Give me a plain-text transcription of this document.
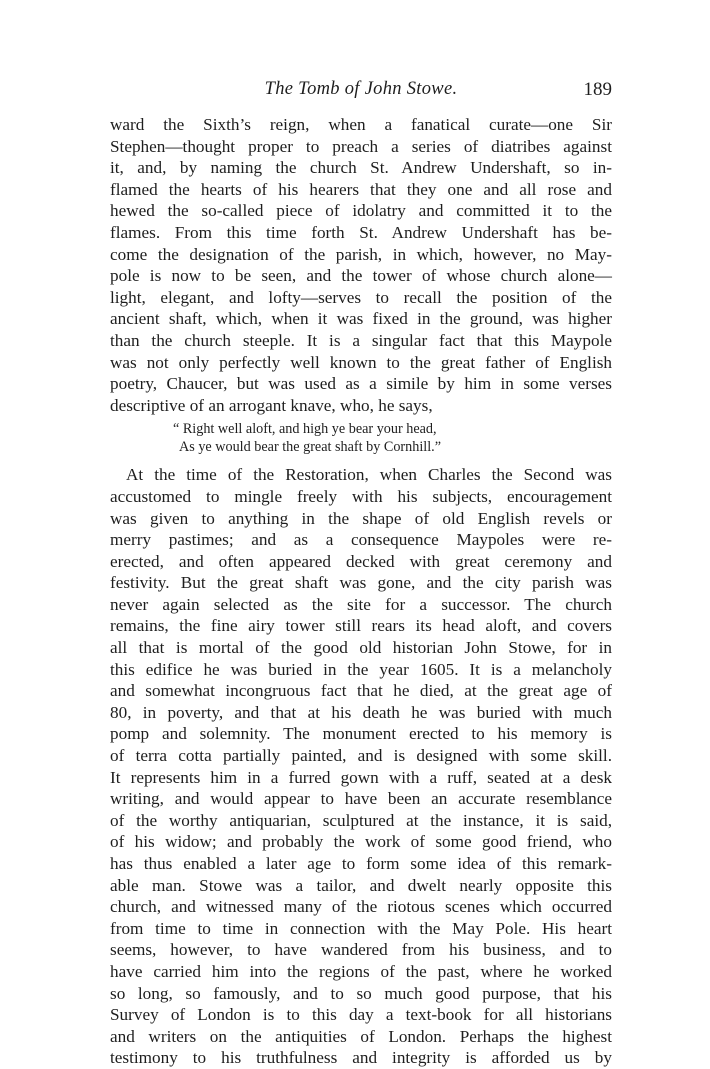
The Tomb of John Stowe.	189
ward the Sixth’s reign, when a fanatical curate—one Sir
Stephen—thought proper to preach a series of diatribes against
it, and, by naming the church St. Andrew Undershaft, so in-
flamed the hearts of his hearers that they one and all rose and
hewed the so-called piece of idolatry and committed it to the
flames. From this time forth St. Andrew Undershaft has be-
come the designation of the parish, in which, however, no May-
pole is now to be seen, and the tower of whose church alone—
light, elegant, and lofty—serves to recall the position of the
ancient shaft, which, when it was fixed in the ground, was higher
than the church steeple. It is a singular fact that this Maypole
was not only perfectly well known to the great father of English
poetry, Chaucer, but was used as a simile by him in some verses
descriptive of an arrogant knave, who, he says,
“ Right well aloft, and high ye bear your head,
As ye would bear the great shaft by Cornhill.”
At the time of the Restoration, when Charles the Second was
accustomed to mingle freely with his subjects, encouragement
was given to anything in the shape of old English revels or
merry pastimes; and as a consequence Maypoles were re-
erected, and often appeared decked with great ceremony and
festivity. But the great shaft was gone, and the city parish was
never again selected as the site for a successor. The church
remains, the fine airy tower still rears its head aloft, and covers
all that is mortal of the good old historian John Stowe, for in
this edifice he was buried in the year 1605. It is a melancholy
and somewhat incongruous fact that he died, at the great age of
80, in poverty, and that at his death he was buried with much
pomp and solemnity. The monument erected to his memory is
of terra cotta partially painted, and is designed with some skill.
It represents him in a furred gown with a ruff, seated at a desk
writing, and would appear to have been an accurate resemblance
of the worthy antiquarian, sculptured at the instance, it is said,
of his widow; and probably the work of some good friend, who
has thus enabled a later age to form some idea of this remark-
able man. Stowe was a tailor, and dwelt nearly opposite this
church, and witnessed many of the riotous scenes which occurred
from time to time in connection with the May Pole. His heart
seems, however, to have wandered from his business, and to
have carried him into the regions of the past, where he worked
so long, so famously, and to so much good purpose, that his
Survey of London is to this day a text-book for all historians
and writers on the antiquities of London. Perhaps the highest
testimony to his truthfulness and integrity is afforded us by
